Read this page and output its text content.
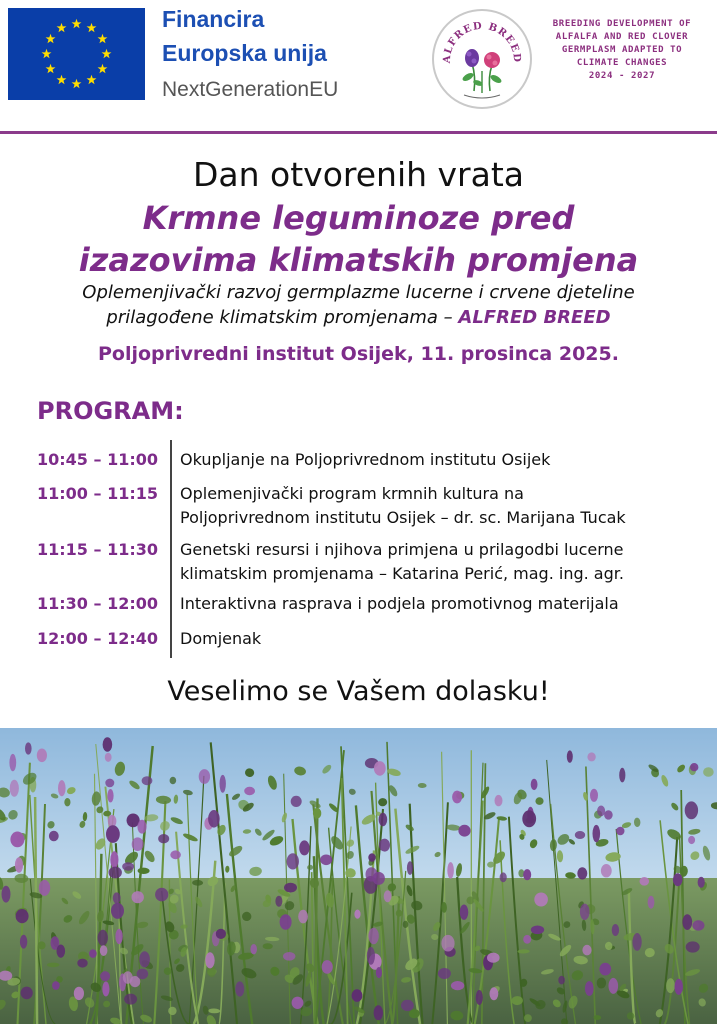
Financira
Europska unija
NextGenerationEU
ALFRED BREED
BREEDING DEVELOPMENT OF
ALFALFA AND RED CLOVER
GERMPLASM ADAPTED TO
CLIMATE CHANGES
2024 - 2027
Dan otvorenih vrata
Krmne leguminoze pred
izazovima klimatskih promjena
Oplemenjivački razvoj germplazme lucerne i crvene djeteline
prilagođene klimatskim promjenama – ALFRED BREED
Poljoprivredni institut Osijek, 11. prosinca 2025.
PROGRAM:
10:45 – 11:00 Okupljanje na Poljoprivrednom institutu Osijek
11:00 – 11:15 Oplemenjivački program krmnih kultura na
Poljoprivrednom institutu Osijek – dr. sc. Marijana Tucak
11:15 – 11:30 Genetski resursi i njihova primjena u prilagodbi lucerne
klimatskim promjenama – Katarina Perić, mag. ing. agr.
11:30 – 12:00 Interaktivna rasprava i podjela promotivnog materijala
12:00 – 12:40 Domjenak
Veselimo se Vašem dolasku!
